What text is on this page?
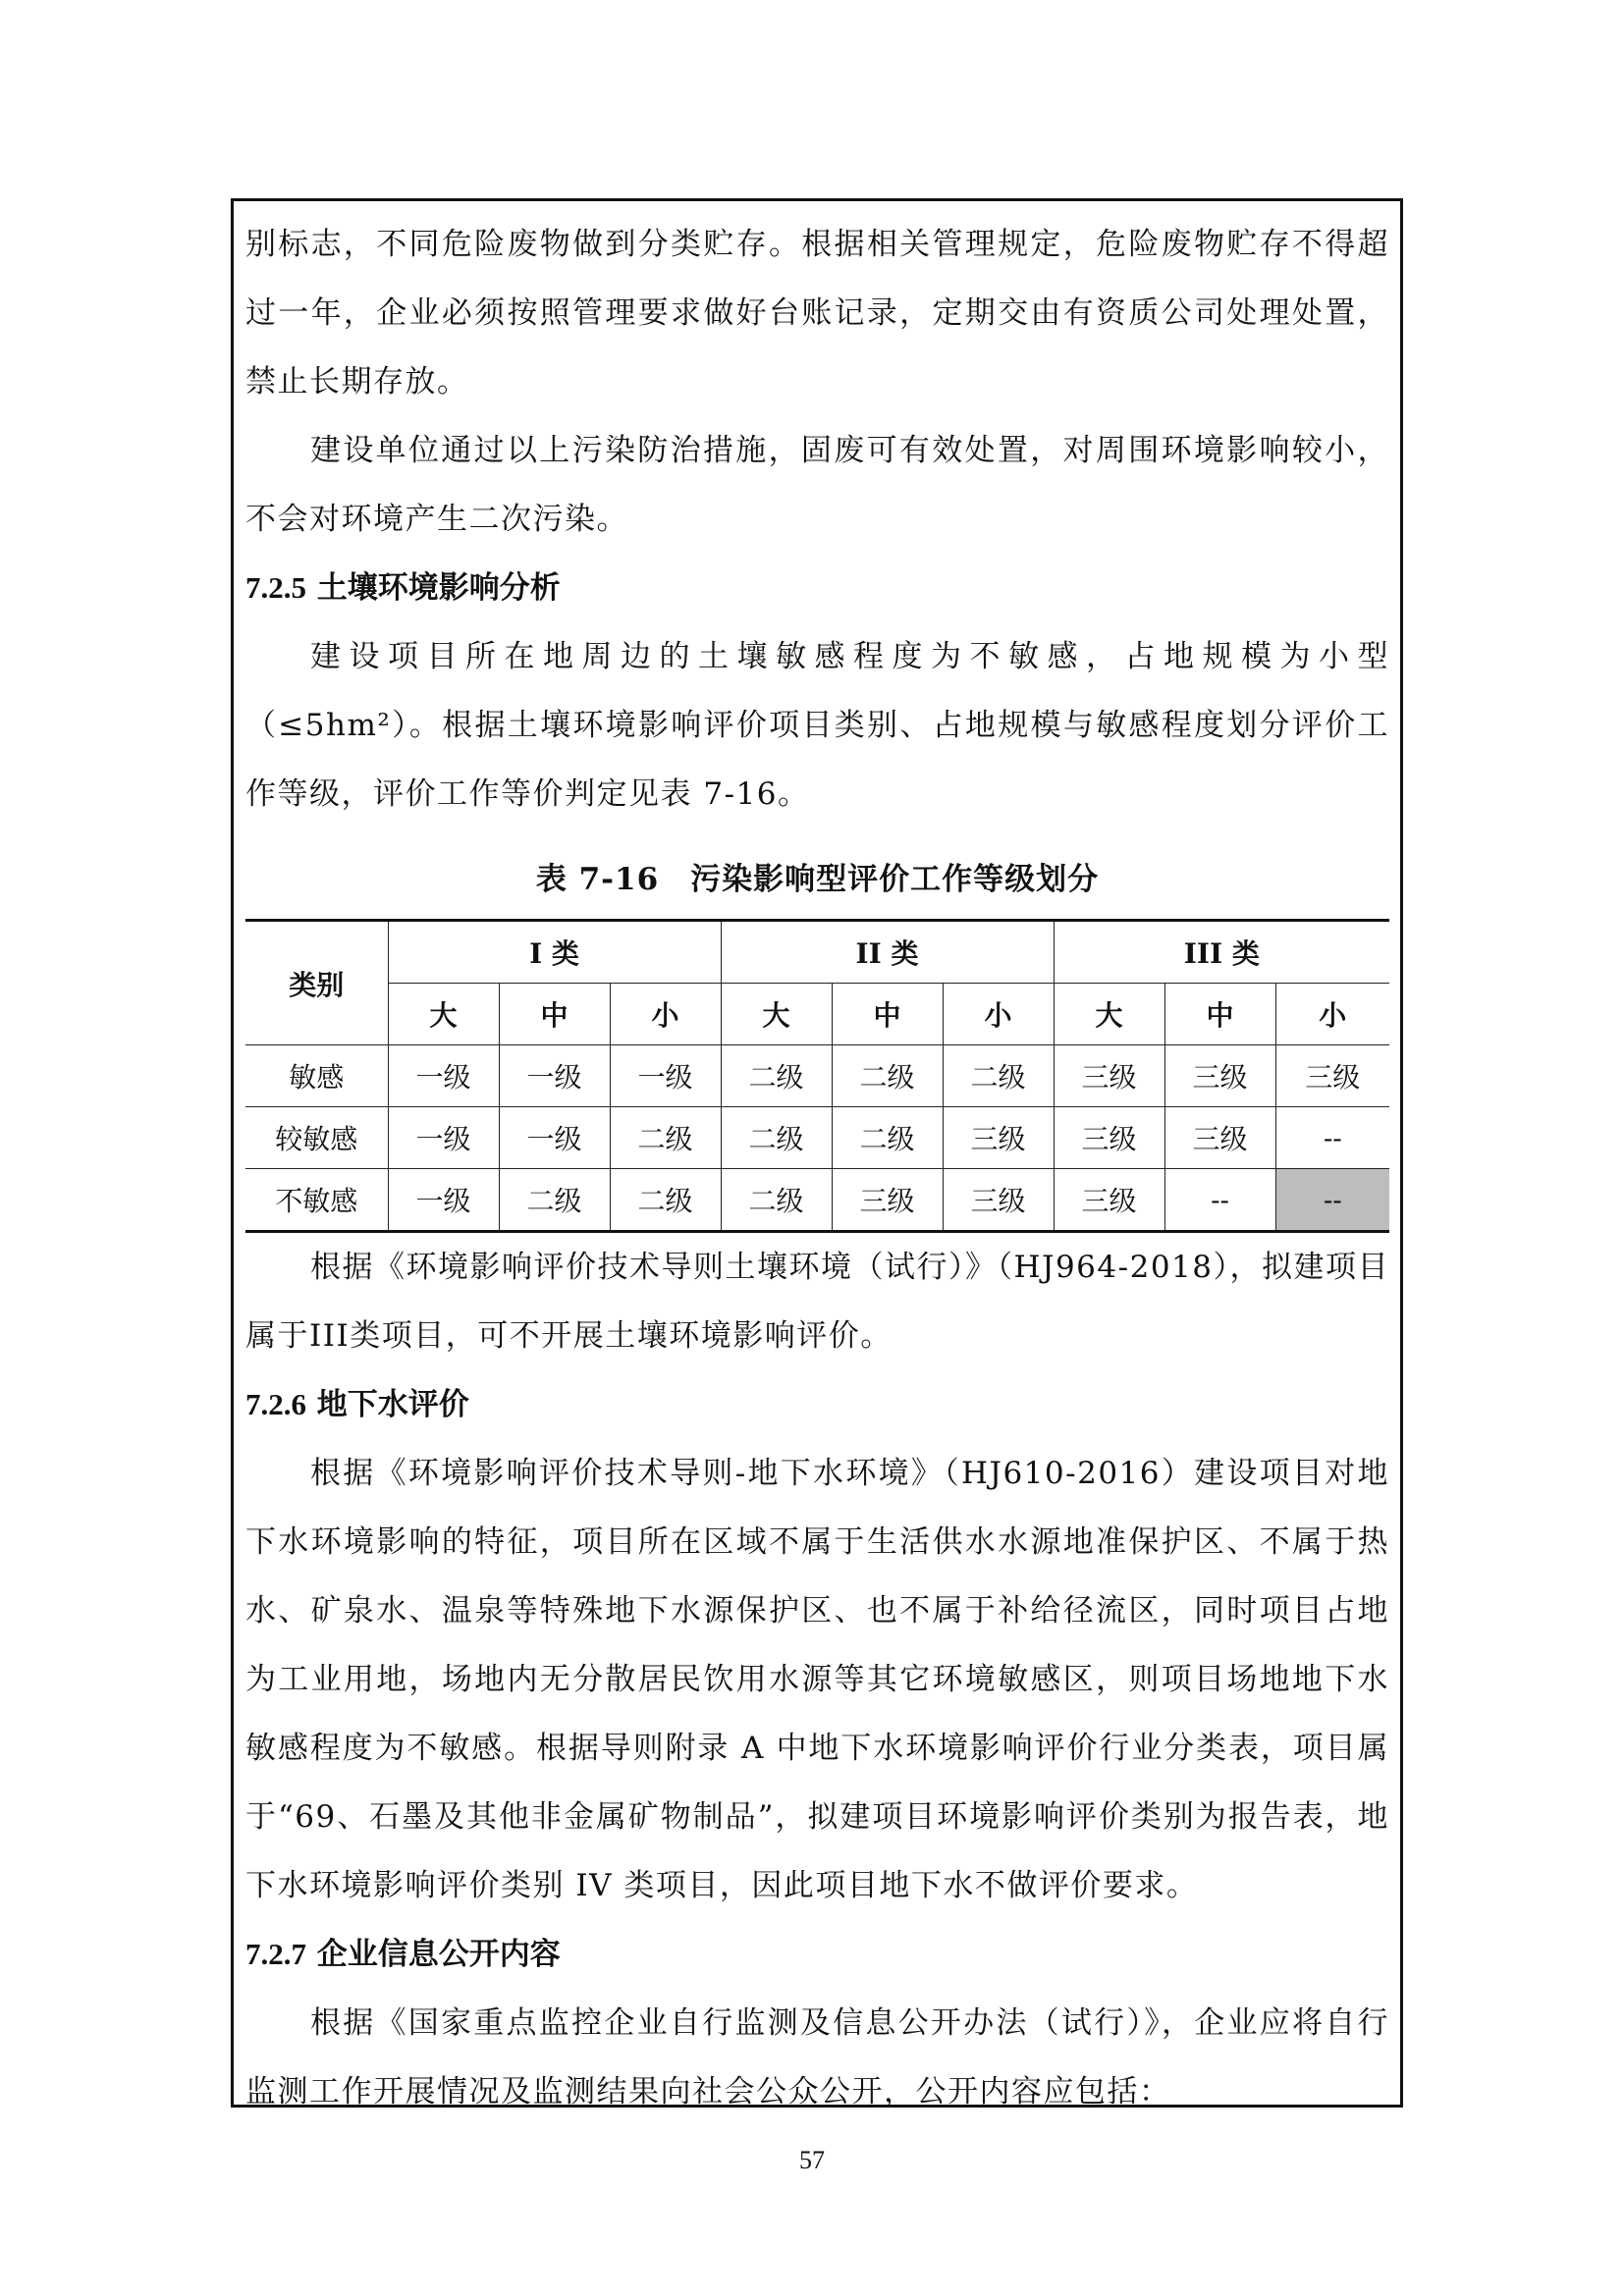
别标志，不同危险废物做到分类贮存。根据相关管理规定，危险废物贮存不得超过一年，企业必须按照管理要求做好台账记录，定期交由有资质公司处理处置，禁止长期存放。

建设单位通过以上污染防治措施，固废可有效处置，对周围环境影响较小，不会对环境产生二次污染。

7.2.5 土壤环境影响分析

建设项目所在地周边的土壤敏感程度为不敏感，占地规模为小型（≤5hm²）。根据土壤环境影响评价项目类别、占地规模与敏感程度划分评价工作等级，评价工作等价判定见表 7-16。

表 7-16　污染影响型评价工作等级划分

类别	I 类			II 类			III 类		
	大	中	小	大	中	小	大	中	小
敏感	一级	一级	一级	二级	二级	二级	三级	三级	三级
较敏感	一级	一级	二级	二级	二级	三级	三级	三级	--
不敏感	一级	二级	二级	二级	三级	三级	三级	--	--

根据《环境影响评价技术导则土壤环境（试行）》（HJ964-2018），拟建项目属于III类项目，可不开展土壤环境影响评价。

7.2.6 地下水评价

根据《环境影响评价技术导则-地下水环境》（HJ610-2016）建设项目对地下水环境影响的特征，项目所在区域不属于生活供水水源地准保护区、不属于热水、矿泉水、温泉等特殊地下水源保护区、也不属于补给径流区，同时项目占地为工业用地，场地内无分散居民饮用水源等其它环境敏感区，则项目场地地下水敏感程度为不敏感。根据导则附录 A 中地下水环境影响评价行业分类表，项目属于“69、石墨及其他非金属矿物制品”，拟建项目环境影响评价类别为报告表，地下水环境影响评价类别 IV 类项目，因此项目地下水不做评价要求。

7.2.7 企业信息公开内容

根据《国家重点监控企业自行监测及信息公开办法（试行）》，企业应将自行监测工作开展情况及监测结果向社会公众公开，公开内容应包括：

57
